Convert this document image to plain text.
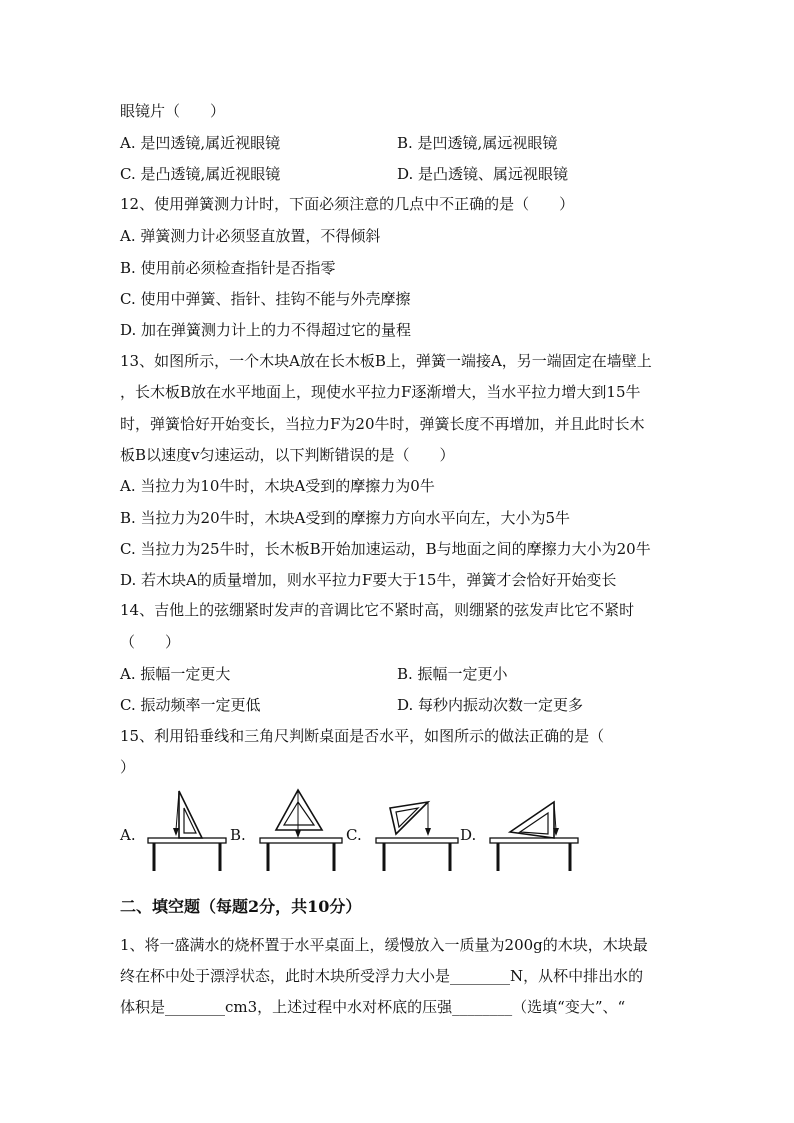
眼镜片（　　）
A. 是凹透镜,属近视眼镜	B. 是凹透镜,属远视眼镜
C. 是凸透镜,属近视眼镜	D. 是凸透镜、属远视眼镜
12、使用弹簧测力计时，下面必须注意的几点中不正确的是（　　）
A. 弹簧测力计必须竖直放置，不得倾斜
B. 使用前必须检查指针是否指零
C. 使用中弹簧、指针、挂钩不能与外壳摩擦
D. 加在弹簧测力计上的力不得超过它的量程
13、如图所示，一个木块A放在长木板B上，弹簧一端接A，另一端固定在墙壁上
，长木板B放在水平地面上，现使水平拉力F逐渐增大，当水平拉力增大到15牛
时，弹簧恰好开始变长，当拉力F为20牛时，弹簧长度不再增加，并且此时长木
板B以速度v匀速运动，以下判断错误的是（　　）
A. 当拉力为10牛时，木块A受到的摩擦力为0牛
B. 当拉力为20牛时，木块A受到的摩擦力方向水平向左，大小为5牛
C. 当拉力为25牛时，长木板B开始加速运动，B与地面之间的摩擦力大小为20牛
D. 若木块A的质量增加，则水平拉力F要大于15牛，弹簧才会恰好开始变长
14、吉他上的弦绷紧时发声的音调比它不紧时高，则绷紧的弦发声比它不紧时
（　　）
A. 振幅一定更大	B. 振幅一定更小
C. 振动频率一定更低	D. 每秒内振动次数一定更多
15、利用铅垂线和三角尺判断桌面是否水平，如图所示的做法正确的是（
）
A.	B.	C.	D.
二、填空题（每题2分，共10分）
1、将一盛满水的烧杯置于水平桌面上，缓慢放入一质量为200g的木块，木块最
终在杯中处于漂浮状态，此时木块所受浮力大小是________N，从杯中排出水的
体积是________cm3，上述过程中水对杯底的压强________（选填“变大”、“
